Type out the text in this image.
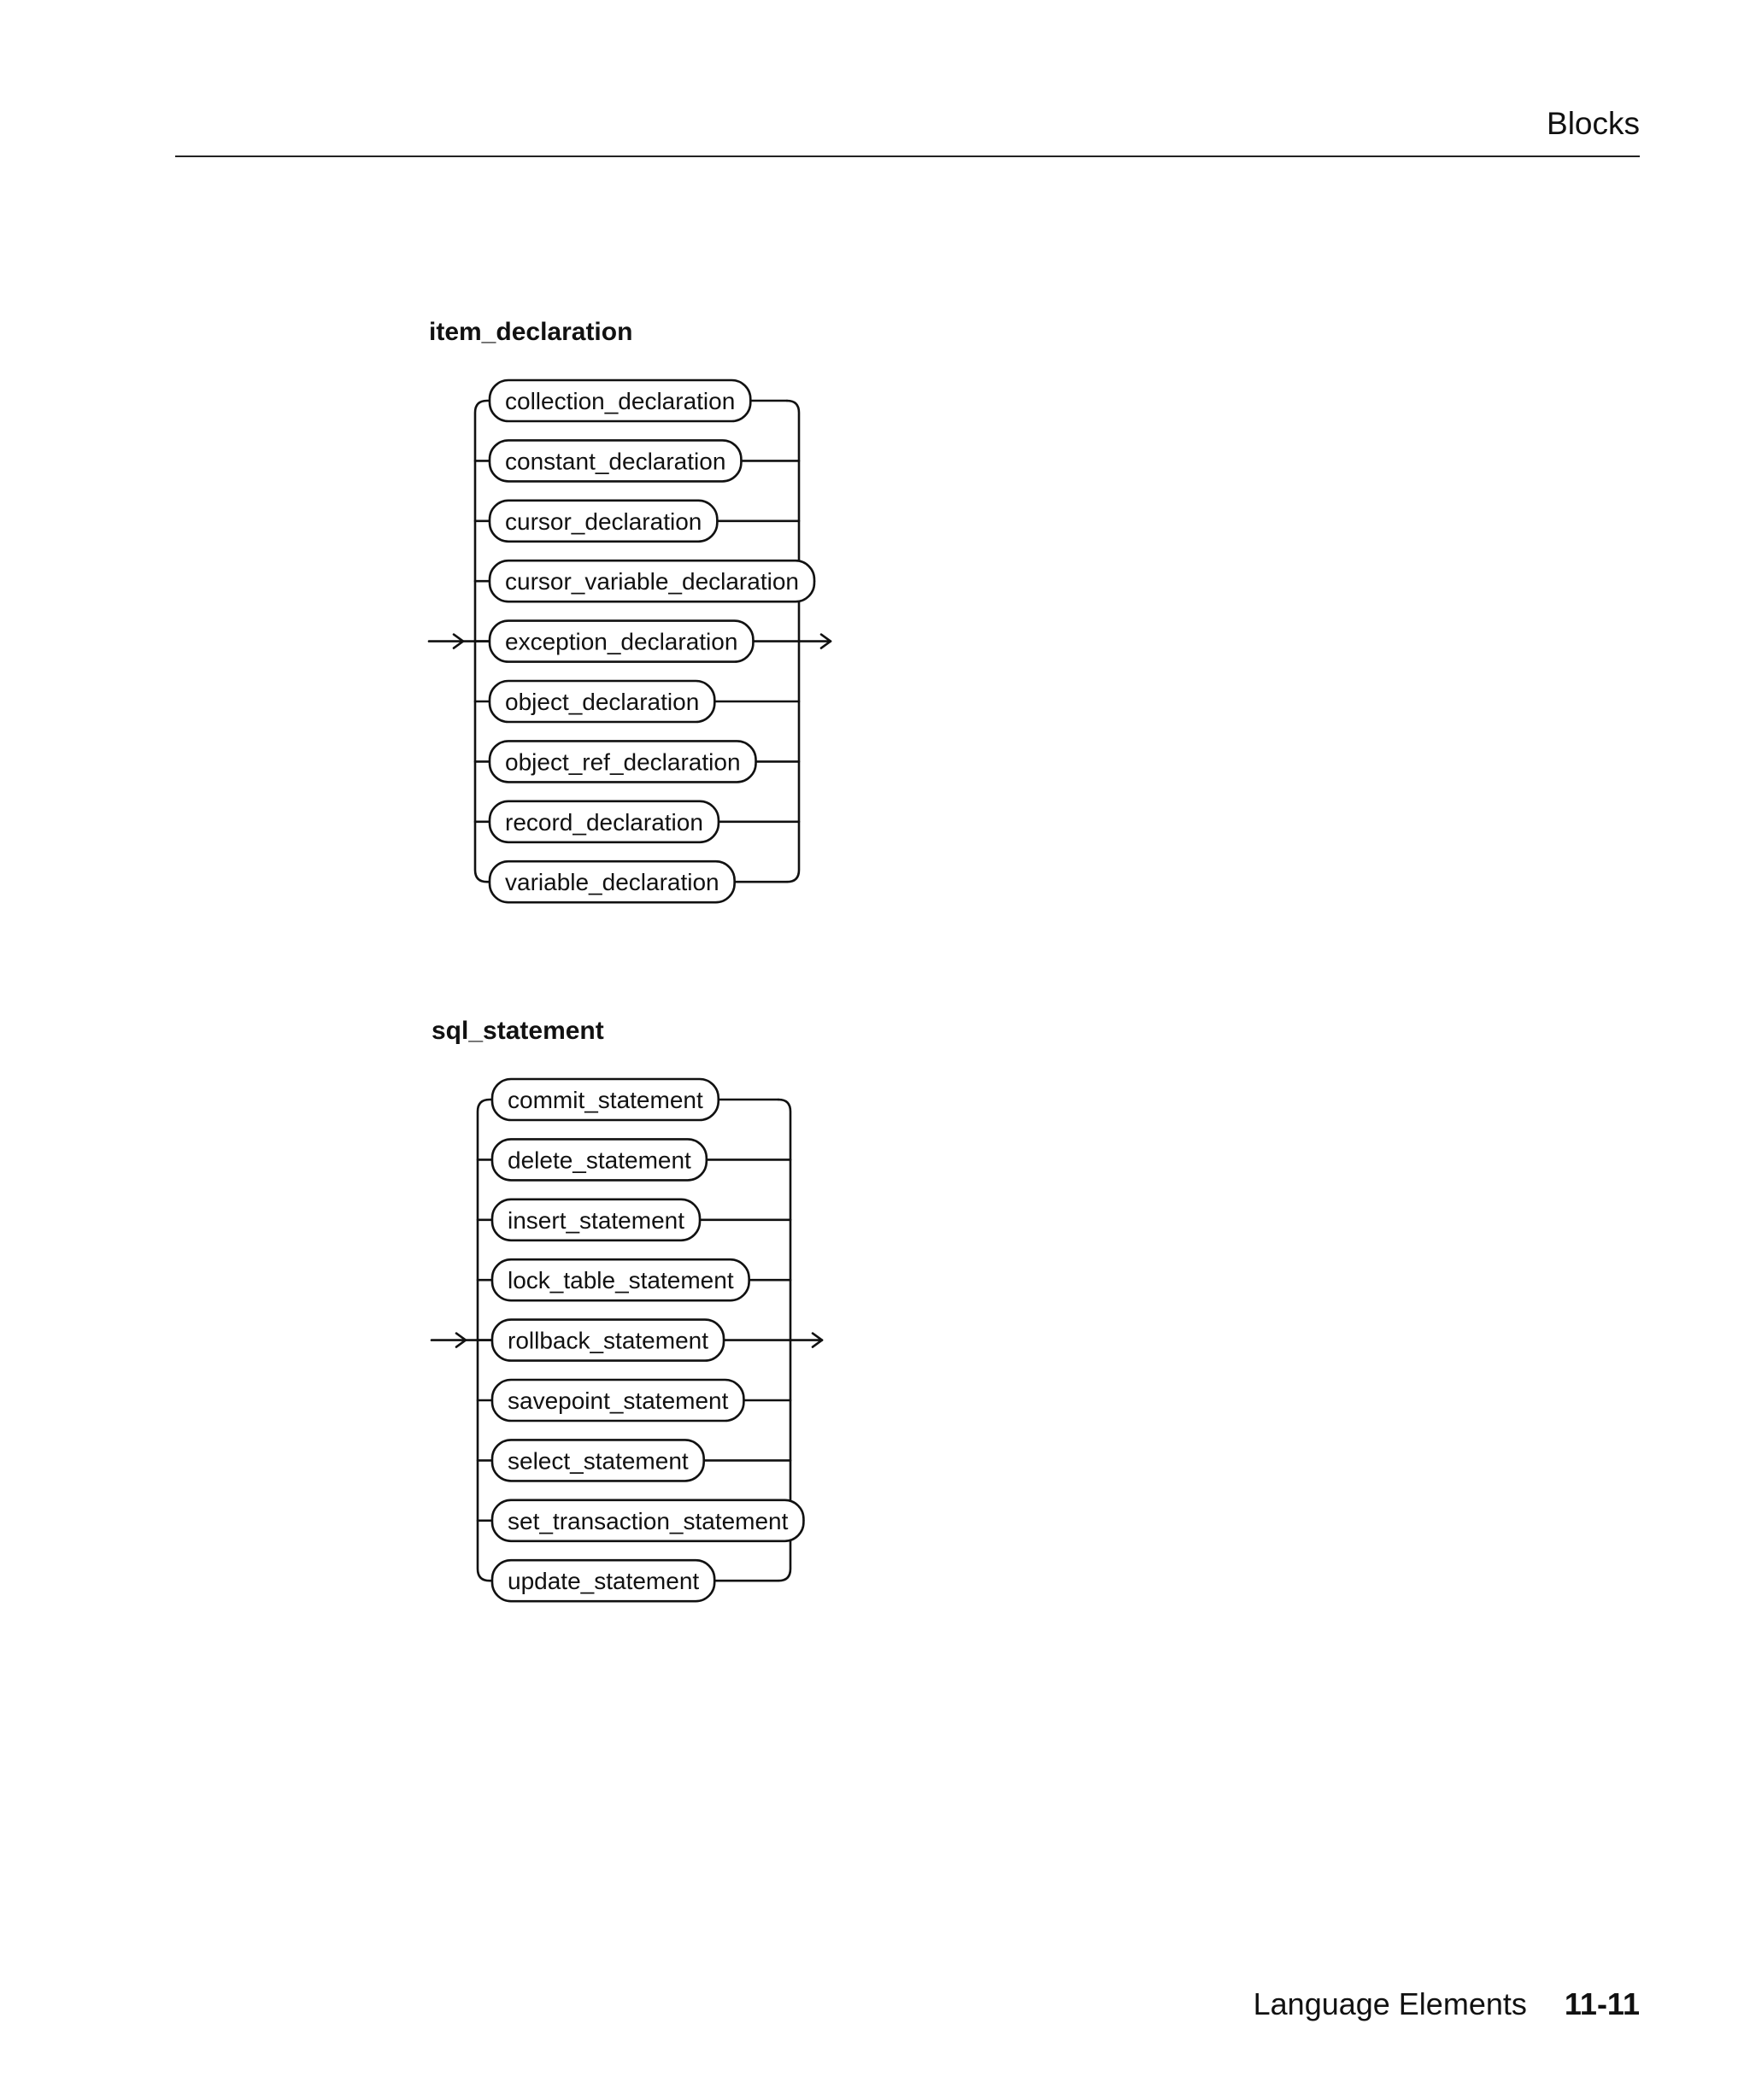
Blocks
item_declaration
collection_declaration
constant_declaration
cursor_declaration
cursor_variable_declaration
exception_declaration
object_declaration
object_ref_declaration
record_declaration
variable_declaration
sql_statement
commit_statement
delete_statement
insert_statement
lock_table_statement
rollback_statement
savepoint_statement
select_statement
set_transaction_statement
update_statement
Language Elements 11-11
